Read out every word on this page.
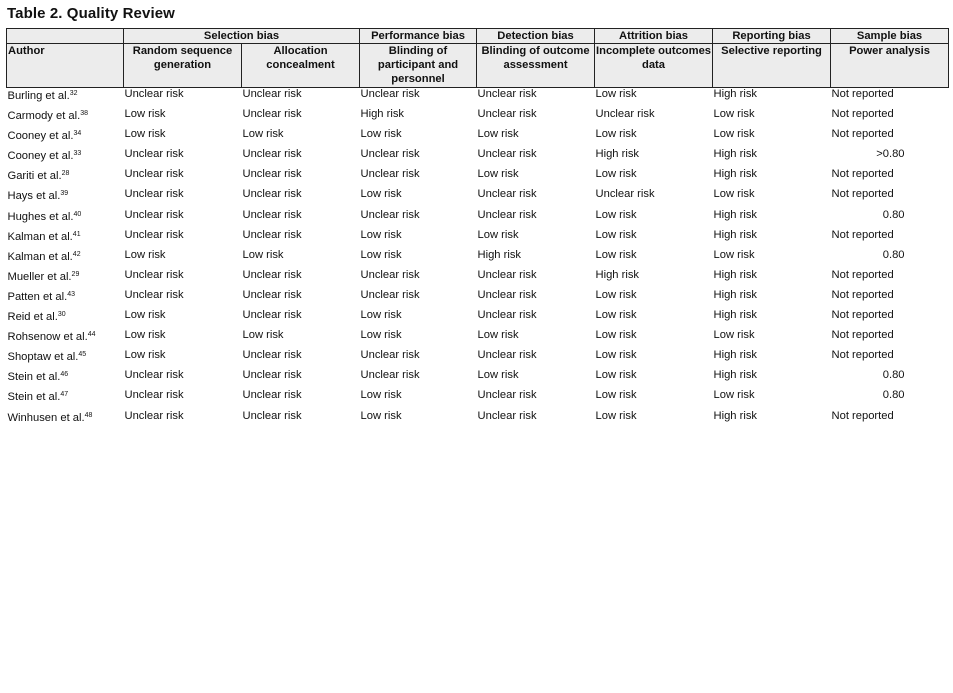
Table 2. Quality Review
	Selection bias		Performance bias	Detection bias	Attrition bias	Reporting bias	Sample bias
Author	Random sequence generation	Allocation concealment	Blinding of participant and personnel	Blinding of outcome assessment	Incomplete outcomes data	Selective reporting	Power analysis
Burling et al.$^{32}$	Unclear risk	Unclear risk	Unclear risk	Unclear risk	Low risk	High risk	Not reported
Carmody et al.$^{38}$	Low risk	Unclear risk	High risk	Unclear risk	Unclear risk	Low risk	Not reported
Cooney et al.$^{34}$	Low risk	Low risk	Low risk	Low risk	Low risk	Low risk	Not reported
Cooney et al.$^{33}$	Unclear risk	Unclear risk	Unclear risk	Unclear risk	High risk	High risk	>0.80
Gariti et al.$^{28}$	Unclear risk	Unclear risk	Unclear risk	Low risk	Low risk	High risk	Not reported
Hays et al.$^{39}$	Unclear risk	Unclear risk	Low risk	Unclear risk	Unclear risk	Low risk	Not reported
Hughes et al.$^{40}$	Unclear risk	Unclear risk	Unclear risk	Unclear risk	Low risk	High risk	0.80
Kalman et al.$^{41}$	Unclear risk	Unclear risk	Low risk	Low risk	Low risk	High risk	Not reported
Kalman et al.$^{42}$	Low risk	Low risk	Low risk	High risk	Low risk	Low risk	0.80
Mueller et al.$^{29}$	Unclear risk	Unclear risk	Unclear risk	Unclear risk	High risk	High risk	Not reported
Patten et al.$^{43}$	Unclear risk	Unclear risk	Unclear risk	Unclear risk	Low risk	High risk	Not reported
Reid et al.$^{30}$	Low risk	Unclear risk	Low risk	Unclear risk	Low risk	High risk	Not reported
Rohsenow et al.$^{44}$	Low risk	Low risk	Low risk	Low risk	Low risk	Low risk	Not reported
Shoptaw et al.$^{45}$	Low risk	Unclear risk	Unclear risk	Unclear risk	Low risk	High risk	Not reported
Stein et al.$^{46}$	Unclear risk	Unclear risk	Unclear risk	Low risk	Low risk	High risk	0.80
Stein et al.$^{47}$	Unclear risk	Unclear risk	Low risk	Unclear risk	Low risk	Low risk	0.80
Winhusen et al.$^{48}$	Unclear risk	Unclear risk	Low risk	Unclear risk	Low risk	High risk	Not reported
